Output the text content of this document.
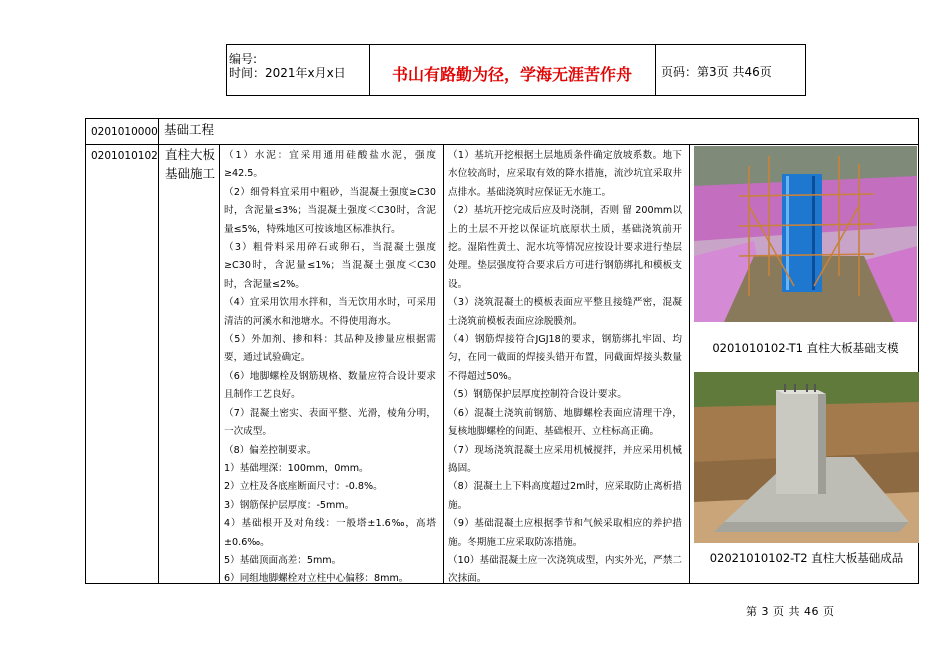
编号:
时间：2021年x月x日	书山有路勤为径，学海无涯苦作舟	页码：第3页 共46页
0201010000 基础工程
0201010102 直柱大板基础施工

（1）水泥：宜采用通用硅酸盐水泥，强度≥42.5。

（2）细骨料宜采用中粗砂，当混凝土强度≥C30时，含泥量≤3%；当混凝土强度＜C30时，含泥量≤5%，特殊地区可按该地区标准执行。

（3）粗骨料采用碎石或卵石，当混凝土强度≥C30时，含泥量≤1%；当混凝土强度＜C30时，含泥量≤2%。

（4）宜采用饮用水拌和，当无饮用水时，可采用清洁的河溪水和池塘水。不得使用海水。

（5）外加剂、掺和料：其品种及掺量应根据需要，通过试验确定。

（6）地脚螺栓及钢筋规格、数量应符合设计要求且制作工艺良好。

（7）混凝土密实、表面平整、光滑，棱角分明，一次成型。

（8）偏差控制要求。

1）基础埋深：100mm，0mm。

2）立柱及各底座断面尺寸：-0.8%。

3）钢筋保护层厚度：-5mm。

4）基础根开及对角线：一般塔±1.6‰，高塔±0.6‰。

5）基础顶面高差：5mm。

6）同组地脚螺栓对立柱中心偏移：8mm。

（1）基坑开挖根据土层地质条件确定放坡系数。地下水位较高时，应采取有效的降水措施，流沙坑宜采取井点排水。基础浇筑时应保证无水施工。

（2）基坑开挖完成后应及时浇制，否则 留 200mm以上的土层不开挖以保证坑底原状土质，基础浇筑前开挖。湿陷性黄土、泥水坑等情况应按设计要求进行垫层处理。垫层强度符合要求后方可进行钢筋绑扎和模板支设。

（3）浇筑混凝土的模板表面应平整且接缝严密，混凝土浇筑前模板表面应涂脱膜剂。

（4）钢筋焊接符合JGJ18的要求，钢筋绑扎牢固、均匀，在同一截面的焊接头错开布置，同截面焊接头数量不得超过50%。

（5）钢筋保护层厚度控制符合设计要求。

（6）混凝土浇筑前钢筋、地脚螺栓表面应清理干净，复核地脚螺栓的间距、基础根开、立柱标高正确。

（7）现场浇筑混凝土应采用机械搅拌，并应采用机械捣固。

（8）混凝土上下料高度超过2m时，应采取防止离析措施。

（9）基础混凝土应根据季节和气候采取相应的养护措施。冬期施工应采取防冻措施。

（10）基础混凝土应一次浇筑成型，内实外光，严禁二次抹面。

0201010102-T1 直柱大板基础支模
02021010102-T2 直柱大板基础成品
第 3 页 共 46 页
